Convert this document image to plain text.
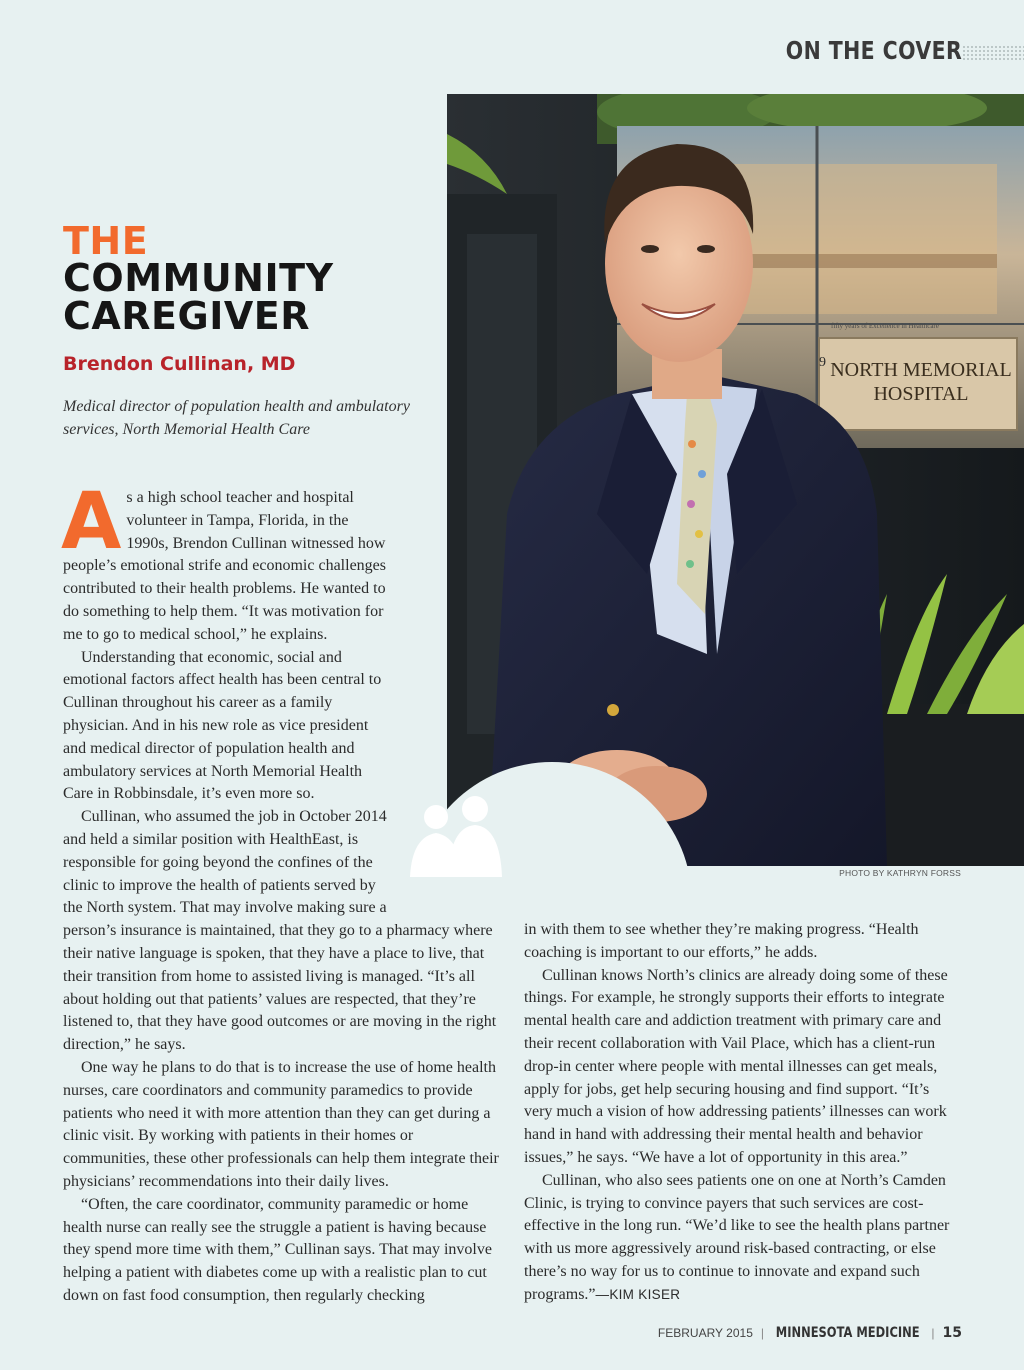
ON THE COVER
fifty years of Excellence in Healthcare
9 NORTH MEMORIAL
HOSPITAL
PHOTO BY KATHRYN FORSS
THE
COMMUNITY
CAREGIVER
Brendon Cullinan, MD
Medical director of population health and ambulatory services, North Memorial Health Care

As a high school teacher and hospital volunteer in Tampa, Florida, in the 1990s, Brendon Cullinan witnessed how people’s emotional strife and economic challenges contributed to their health problems. He wanted to do something to help them. “It was motivation for me to go to medical school,” he explains.

Understanding that economic, social and emotional factors affect health has been central to Cullinan throughout his career as a family physician. And in his new role as vice president and medical director of population health and ambulatory services at North Memorial Health Care in Robbinsdale, it’s even more so.

Cullinan, who assumed the job in October 2014 and held a similar position with HealthEast, is responsible for going beyond the confines of the clinic to improve the health of patients served by the North system. That may involve making sure a person’s insurance is maintained, that they go to a pharmacy where their native language is spoken, that they have a place to live, that their transition from home to assisted living is managed. “It’s all about holding out that patients’ values are respected, that they’re listened to, that they have good outcomes or are moving in the right direction,” he says.

One way he plans to do that is to increase the use of home health nurses, care coordinators and community paramedics to provide patients who need it with more attention than they can get during a clinic visit. By working with patients in their homes or communities, these other professionals can help them integrate their physicians’ recommendations into their daily lives.

“Often, the care coordinator, community paramedic or home health nurse can really see the struggle a patient is having because they spend more time with them,” Cullinan says. That may involve helping a patient with diabetes come up with a realistic plan to cut down on fast food consumption, then regularly checking

in with them to see whether they’re making progress. “Health coaching is important to our efforts,” he adds.

Cullinan knows North’s clinics are already doing some of these things. For example, he strongly supports their efforts to integrate mental health care and addiction treatment with primary care and their recent collaboration with Vail Place, which has a client-run drop-in center where people with mental illnesses can get meals, apply for jobs, get help securing housing and find support. “It’s very much a vision of how addressing patients’ illnesses can work hand in hand with addressing their mental health and behavior issues,” he says. “We have a lot of opportunity in this area.”

Cullinan, who also sees patients one on one at North’s Camden Clinic, is trying to convince payers that such services are cost-effective in the long run. “We’d like to see the health plans partner with us more aggressively around risk-based contracting, or else there’s no way for us to continue to innovate and expand such programs.”—KIM KISER

FEBRUARY 2015 | MINNESOTA MEDICINE | 15
